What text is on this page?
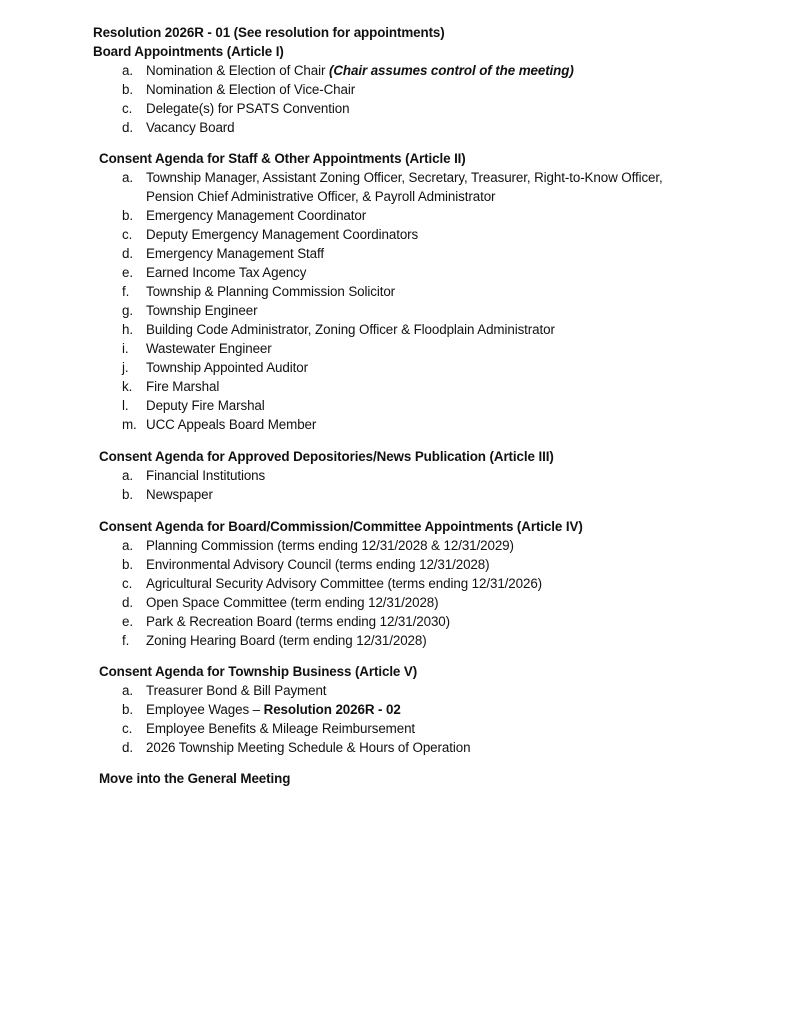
Resolution 2026R - 01 (See resolution for appointments)
Board Appointments (Article I)
a. Nomination & Election of Chair (Chair assumes control of the meeting)
b. Nomination & Election of Vice-Chair
c. Delegate(s) for PSATS Convention
d. Vacancy Board
Consent Agenda for Staff & Other Appointments (Article II)
a. Township Manager, Assistant Zoning Officer, Secretary, Treasurer, Right-to-Know Officer, Pension Chief Administrative Officer, & Payroll Administrator
b. Emergency Management Coordinator
c. Deputy Emergency Management Coordinators
d. Emergency Management Staff
e. Earned Income Tax Agency
f. Township & Planning Commission Solicitor
g. Township Engineer
h. Building Code Administrator, Zoning Officer & Floodplain Administrator
i. Wastewater Engineer
j. Township Appointed Auditor
k. Fire Marshal
l. Deputy Fire Marshal
m. UCC Appeals Board Member
Consent Agenda for Approved Depositories/News Publication (Article III)
a. Financial Institutions
b. Newspaper
Consent Agenda for Board/Commission/Committee Appointments (Article IV)
a. Planning Commission (terms ending 12/31/2028 & 12/31/2029)
b. Environmental Advisory Council (terms ending 12/31/2028)
c. Agricultural Security Advisory Committee (terms ending 12/31/2026)
d. Open Space Committee (term ending 12/31/2028)
e. Park & Recreation Board (terms ending 12/31/2030)
f. Zoning Hearing Board (term ending 12/31/2028)
Consent Agenda for Township Business (Article V)
a. Treasurer Bond & Bill Payment
b. Employee Wages – Resolution 2026R - 02
c. Employee Benefits & Mileage Reimbursement
d. 2026 Township Meeting Schedule & Hours of Operation
Move into the General Meeting
